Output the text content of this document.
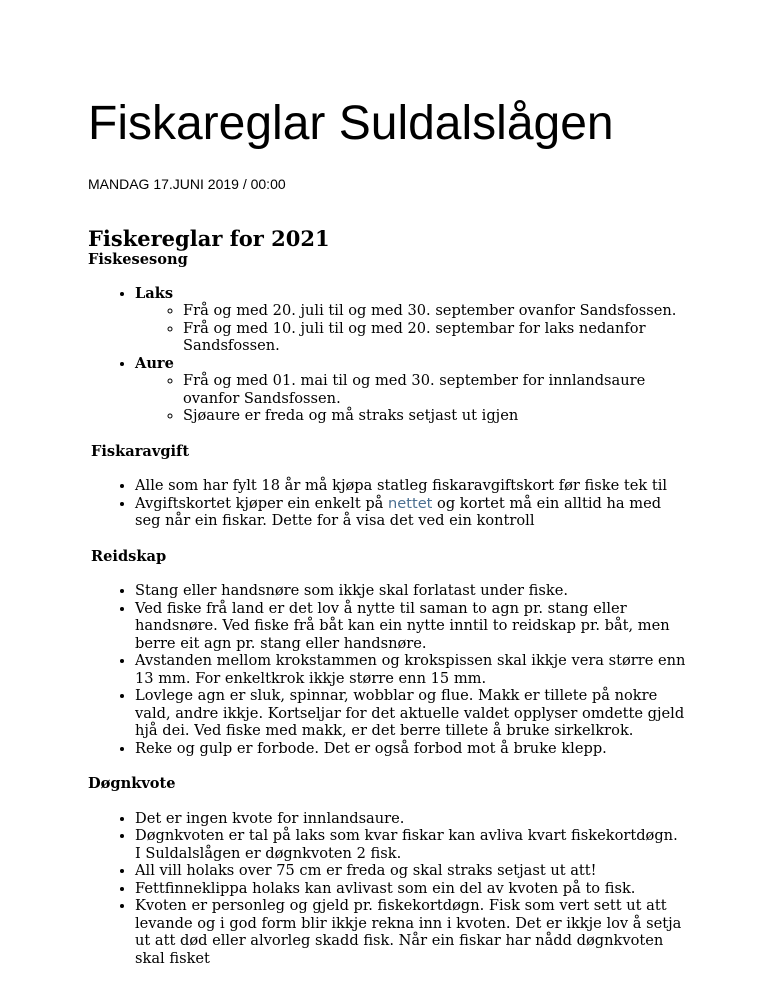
Fiskareglar Suldalslågen

MANDAG 17.JUNI 2019 / 00:00

Fiskereglar for 2021

Fiskesesong

• Laks
◦ Frå og med 20. juli til og med 30. september ovanfor Sandsfossen.
◦ Frå og med 10. juli til og med 20. septembar for laks nedanfor Sandsfossen.
• Aure
◦ Frå og med 01. mai til og med 30. september for innlandsaure ovanfor Sandsfossen.
◦ Sjøaure er freda og må straks setjast ut igjen
Fiskaravgift
• Alle som har fylt 18 år må kjøpa statleg fiskaravgiftskort før fiske tek til
• Avgiftskortet kjøper ein enkelt på nettet og kortet må ein alltid ha med seg når ein fiskar. Dette for å visa det ved ein kontroll
Reidskap
• Stang eller handsnøre som ikkje skal forlatast under fiske.
• Ved fiske frå land er det lov å nytte til saman to agn pr. stang eller handsnøre. Ved fiske frå båt kan ein nytte inntil to reidskap pr. båt, men berre eit agn pr. stang eller handsnøre.
• Avstanden mellom krokstammen og krokspissen skal ikkje vera større enn 13 mm. For enkeltkrok ikkje større enn 15 mm.
• Lovlege agn er sluk, spinnar, wobblar og flue. Makk er tillete på nokre vald, andre ikkje. Kortseljar for det aktuelle valdet opplyser omdette gjeld hjå dei. Ved fiske med makk, er det berre tillete å bruke sirkelkrok.
• Reke og gulp er forbode. Det er også forbod mot å bruke klepp.
Døgnkvote
• Det er ingen kvote for innlandsaure.
• Døgnkvoten er tal på laks som kvar fiskar kan avliva kvart fiskekortdøgn. I Suldalslågen er døgnkvoten 2 fisk.
• All vill holaks over 75 cm er freda og skal straks setjast ut att!
• Fettfinneklippa holaks kan avlivast som ein del av kvoten på to fisk.
• Kvoten er personleg og gjeld pr. fiskekortdøgn. Fisk som vert sett ut att levande og i god form blir ikkje rekna inn i kvoten. Det er ikkje lov å setja ut att død eller alvorleg skadd fisk. Når ein fiskar har nådd døgnkvoten skal fisket
